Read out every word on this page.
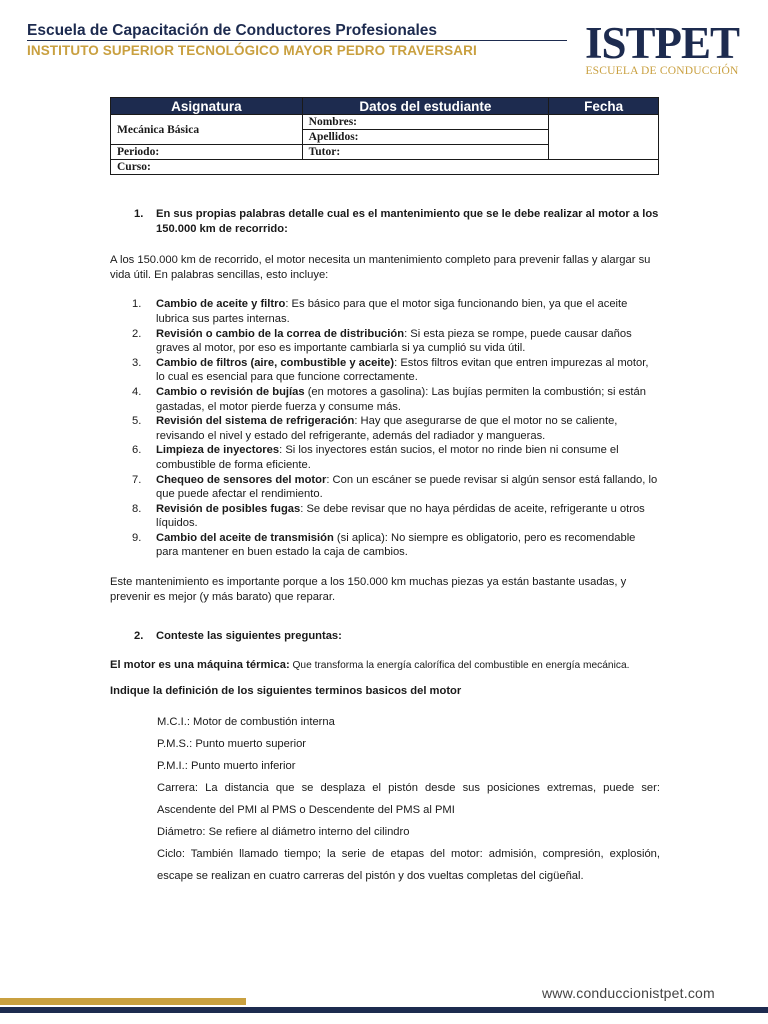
Escuela de Capacitación de Conductores Profesionales
INSTITUTO SUPERIOR TECNOLÓGICO MAYOR PEDRO TRAVERSARI ISTPET
ESCUELA DE CONDUCCIÓN
Asignatura	Datos del estudiante	Fecha
Mecánica Básica	Nombres:	
	Apellidos:	
Periodo:	Tutor:	
Curso:		
1.	En sus propias palabras detalle cual es el mantenimiento que se le debe realizar al motor a los 150.000 km de recorrido:

A los 150.000 km de recorrido, el motor necesita un mantenimiento completo para prevenir fallas y alargar su vida útil. En palabras sencillas, esto incluye:

1.	Cambio de aceite y filtro: Es básico para que el motor siga funcionando bien, ya que el aceite lubrica sus partes internas.
2.	Revisión o cambio de la correa de distribución: Si esta pieza se rompe, puede causar daños graves al motor, por eso es importante cambiarla si ya cumplió su vida útil.
3.	Cambio de filtros (aire, combustible y aceite): Estos filtros evitan que entren impurezas al motor, lo cual es esencial para que funcione correctamente.
4.	Cambio o revisión de bujías (en motores a gasolina): Las bujías permiten la combustión; si están gastadas, el motor pierde fuerza y consume más.
5.	Revisión del sistema de refrigeración: Hay que asegurarse de que el motor no se caliente, revisando el nivel y estado del refrigerante, además del radiador y mangueras.
6.	Limpieza de inyectores: Si los inyectores están sucios, el motor no rinde bien ni consume el combustible de forma eficiente.
7.	Chequeo de sensores del motor: Con un escáner se puede revisar si algún sensor está fallando, lo que puede afectar el rendimiento.
8.	Revisión de posibles fugas: Se debe revisar que no haya pérdidas de aceite, refrigerante u otros líquidos.
9.	Cambio del aceite de transmisión (si aplica): No siempre es obligatorio, pero es recomendable para mantener en buen estado la caja de cambios.

Este mantenimiento es importante porque a los 150.000 km muchas piezas ya están bastante usadas, y prevenir es mejor (y más barato) que reparar.

2.	Conteste las siguientes preguntas:

El motor es una máquina térmica: Que transforma la energía calorífica del combustible en energía mecánica.

Indique la definición de los siguientes terminos basicos del motor

M.C.I.: Motor de combustión interna

P.M.S.: Punto muerto superior

P.M.I.: Punto muerto inferior

Carrera: La distancia que se desplaza el pistón desde sus posiciones extremas, puede ser: Ascendente del PMI al PMS o Descendente del PMS al PMI

Diámetro: Se refiere al diámetro interno del cilindro

Ciclo: También llamado tiempo; la serie de etapas del motor: admisión, compresión, explosión, escape se realizan en cuatro carreras del pistón y dos vueltas completas del cigüeñal.

www.conduccionistpet.com
